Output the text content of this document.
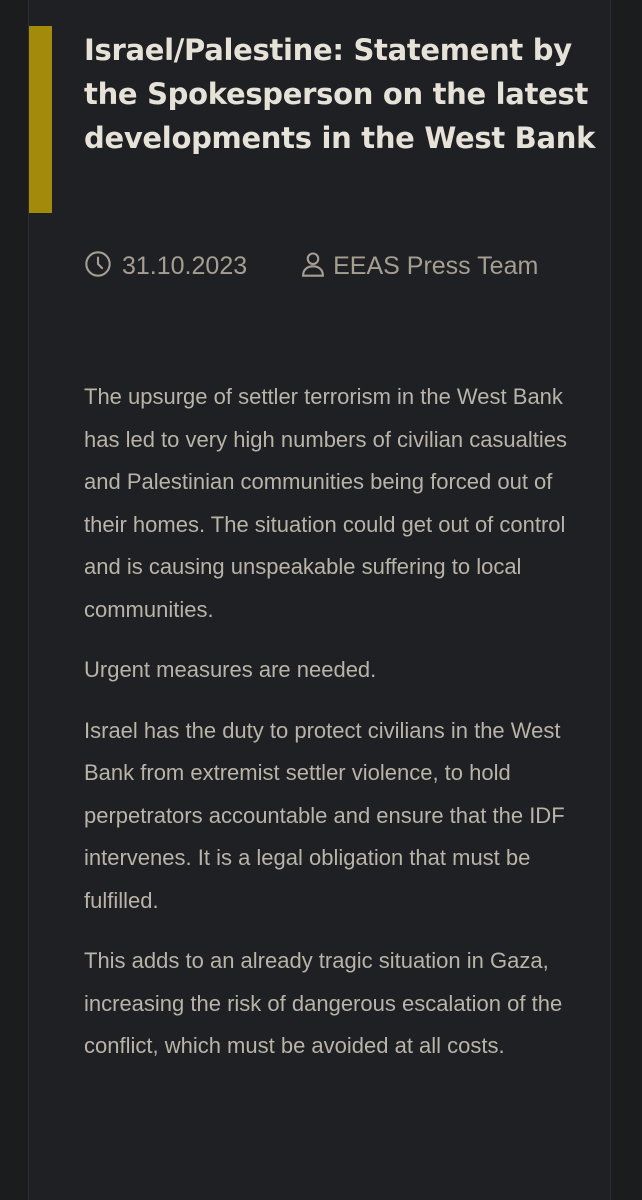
Israel/Palestine: Statement by the Spokesperson on the latest developments in the West Bank
31.10.2023	EEAS Press Team

The upsurge of settler terrorism in the West Bank has led to very high numbers of civilian casualties and Palestinian communities being forced out of their homes. The situation could get out of control and is causing unspeakable suffering to local communities.

Urgent measures are needed.

Israel has the duty to protect civilians in the West Bank from extremist settler violence, to hold perpetrators accountable and ensure that the IDF intervenes. It is a legal obligation that must be fulfilled.

This adds to an already tragic situation in Gaza, increasing the risk of dangerous escalation of the conflict, which must be avoided at all costs.
